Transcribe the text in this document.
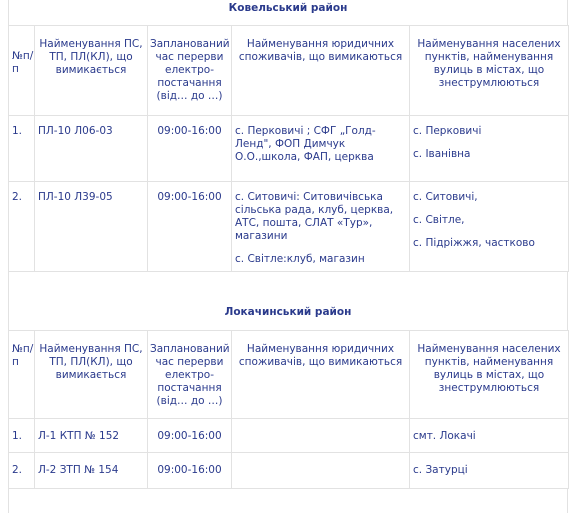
Ковельський район
№п/п	Найменування ПС, ТП, ПЛ(КЛ), що вимикається	Запланований час перерви електро-постачання (від… до …)	Найменування юридичних споживачів, що вимикаються	Найменування населених пунктів, найменування вулиць в містах, що знеструмлюються

1.	ПЛ-10 Л06-03	09:00-16:00	с. Перковичі ; СФГ „Голд-Ленд", ФОП Димчук О.О.,школа, ФАП, церква	с. Перковичі
с. Іванівна

2.	ПЛ-10 Л39-05	09:00-16:00	с. Ситовичі: Ситовичівська сільська рада, клуб, церква, АТС, пошта, СЛАТ «Тур», магазини
с. Світле:клуб, магазин	с. Ситовичі,
с. Світле,
с. Підріжжя, частково
Локачинський район
№п/п	Найменування ПС, ТП, ПЛ(КЛ), що вимикається	Запланований час перерви електро-постачання (від… до …)	Найменування юридичних споживачів, що вимикаються	Найменування населених пунктів, найменування вулиць в містах, що знеструмлюються

1.	Л-1 КТП № 152	09:00-16:00		смт. Локачі

2.	Л-2 ЗТП № 154	09:00-16:00		с. Затурці
